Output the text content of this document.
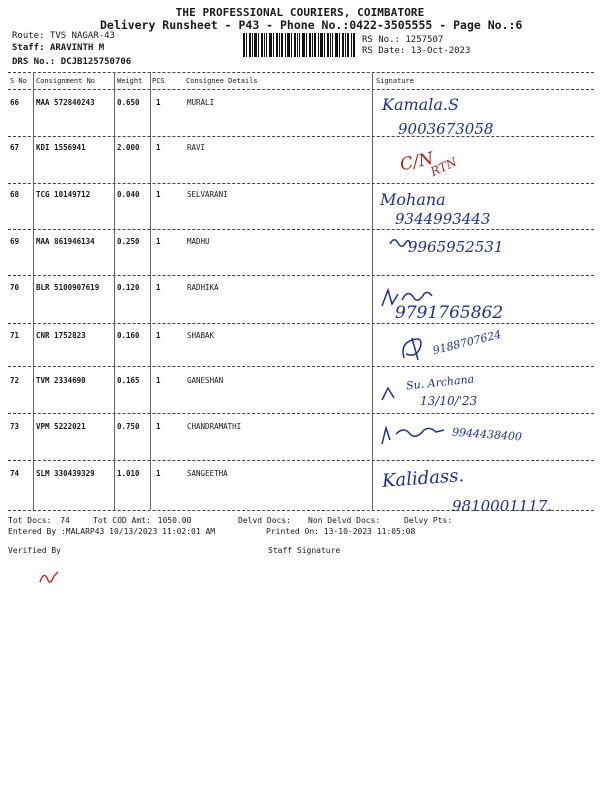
THE PROFESSIONAL COURIERS, COIMBATORE
Delivery Runsheet - P43 - Phone No.:0422-3505555 - Page No.:6
Route: TVS NAGAR-43
Staff: ARAVINTH M
DRS No.: DCJB125750706
RS No.: 1257507
RS Date: 13-Oct-2023
S No Consignment No	Weight PCS	Consignee Details	Signature
66 MAA 572840243	0.650 1	MURALI	Kamala.S
9003673058
67 KDI 1556941	2.000 1	RAVI
C/N
RTN
68 TCG 10149712	0.040 1	SELVARANI	Mohana
9344993443
69 MAA 861946134	0.250 1	MADHU	9965952531
70 BLR 5100907619 0.120 1	RADHIKA
9791765862
71 CNR 1752823	0.160 1	SHABAK	9188707624
72 TVM 2334690	0.165 1	GANESHAN	Su. Archana
13/10/'23
73 VPM 5222021	0.750 1	CHANDRAMATHI	9944438400
74 SLM 330439329	1.010 1	SANGEETHA	Kalidass.
9810001117.
Tot Docs: 74	Tot COD Amt: 1050.00	Delvd Docs: Non Delvd Docs:	Delvy Pts:
Entered By :MALARP43 10/13/2023 11:02:01 AM	Printed On: 13-10-2023 11:05:08
Verified By	Staff Signature
